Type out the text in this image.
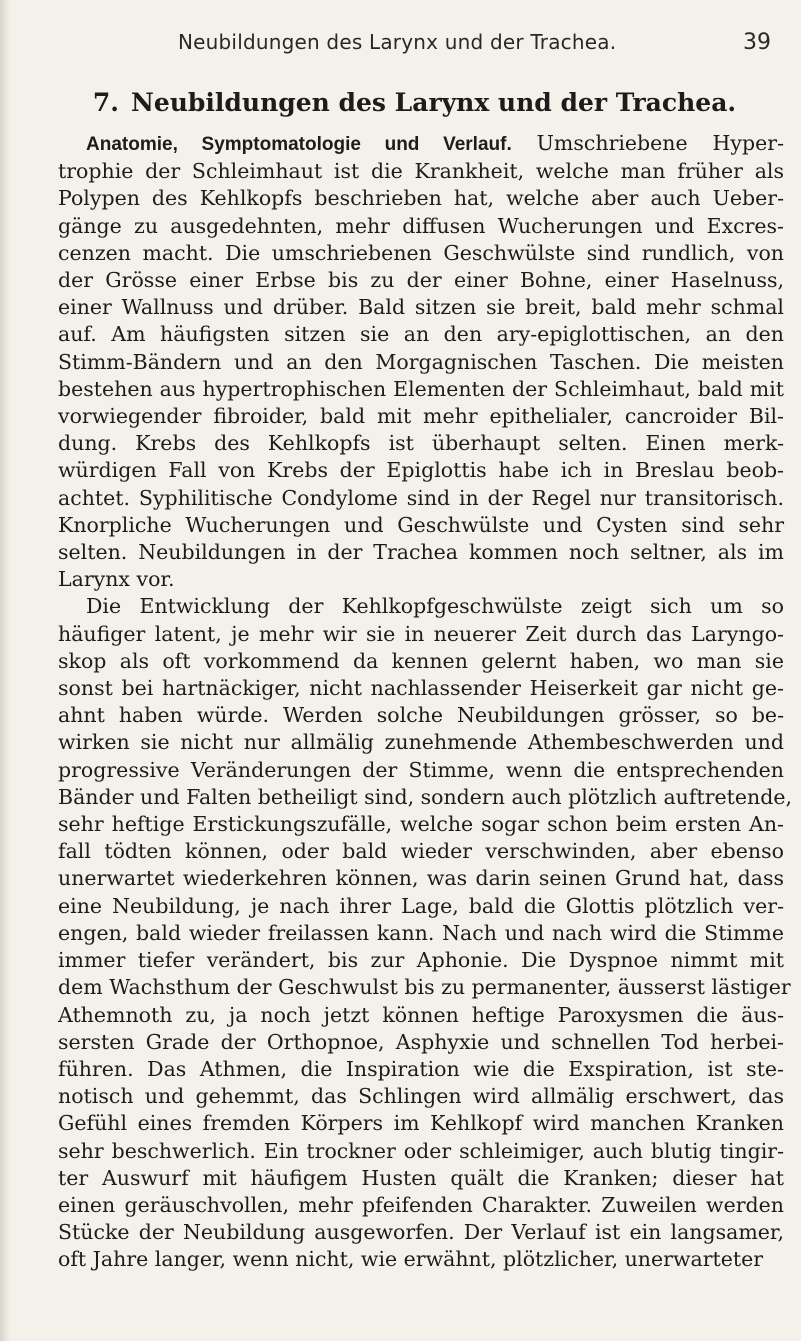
Neubildungen des Larynx und der Trachea.	39
7. Neubildungen des Larynx und der Trachea.
Anatomie, Symptomatologie und Verlauf. Umschriebene Hyper-
trophie der Schleimhaut ist die Krankheit, welche man früher als
Polypen des Kehlkopfs beschrieben hat, welche aber auch Ueber-
gänge zu ausgedehnten, mehr diffusen Wucherungen und Excres-
cenzen macht. Die umschriebenen Geschwülste sind rundlich, von
der Grösse einer Erbse bis zu der einer Bohne, einer Haselnuss,
einer Wallnuss und drüber. Bald sitzen sie breit, bald mehr schmal
auf. Am häufigsten sitzen sie an den ary-epiglottischen, an den
Stimm-Bändern und an den Morgagnischen Taschen. Die meisten
bestehen aus hypertrophischen Elementen der Schleimhaut, bald mit
vorwiegender fibroider, bald mit mehr epithelialer, cancroider Bil-
dung. Krebs des Kehlkopfs ist überhaupt selten. Einen merk-
würdigen Fall von Krebs der Epiglottis habe ich in Breslau beob-
achtet. Syphilitische Condylome sind in der Regel nur transitorisch.
Knorpliche Wucherungen und Geschwülste und Cysten sind sehr
selten. Neubildungen in der Trachea kommen noch seltner, als im
Larynx vor.
Die Entwicklung der Kehlkopfgeschwülste zeigt sich um so
häufiger latent, je mehr wir sie in neuerer Zeit durch das Laryngo-
skop als oft vorkommend da kennen gelernt haben, wo man sie
sonst bei hartnäckiger, nicht nachlassender Heiserkeit gar nicht ge-
ahnt haben würde. Werden solche Neubildungen grösser, so be-
wirken sie nicht nur allmälig zunehmende Athembeschwerden und
progressive Veränderungen der Stimme, wenn die entsprechenden
Bänder und Falten betheiligt sind, sondern auch plötzlich auftretende,
sehr heftige Erstickungszufälle, welche sogar schon beim ersten An-
fall tödten können, oder bald wieder verschwinden, aber ebenso
unerwartet wiederkehren können, was darin seinen Grund hat, dass
eine Neubildung, je nach ihrer Lage, bald die Glottis plötzlich ver-
engen, bald wieder freilassen kann. Nach und nach wird die Stimme
immer tiefer verändert, bis zur Aphonie. Die Dyspnoe nimmt mit
dem Wachsthum der Geschwulst bis zu permanenter, äusserst lästiger
Athemnoth zu, ja noch jetzt können heftige Paroxysmen die äus-
sersten Grade der Orthopnoe, Asphyxie und schnellen Tod herbei-
führen. Das Athmen, die Inspiration wie die Exspiration, ist ste-
notisch und gehemmt, das Schlingen wird allmälig erschwert, das
Gefühl eines fremden Körpers im Kehlkopf wird manchen Kranken
sehr beschwerlich. Ein trockner oder schleimiger, auch blutig tingir-
ter Auswurf mit häufigem Husten quält die Kranken; dieser hat
einen geräuschvollen, mehr pfeifenden Charakter. Zuweilen werden
Stücke der Neubildung ausgeworfen. Der Verlauf ist ein langsamer,
oft Jahre langer, wenn nicht, wie erwähnt, plötzlicher, unerwarteter
